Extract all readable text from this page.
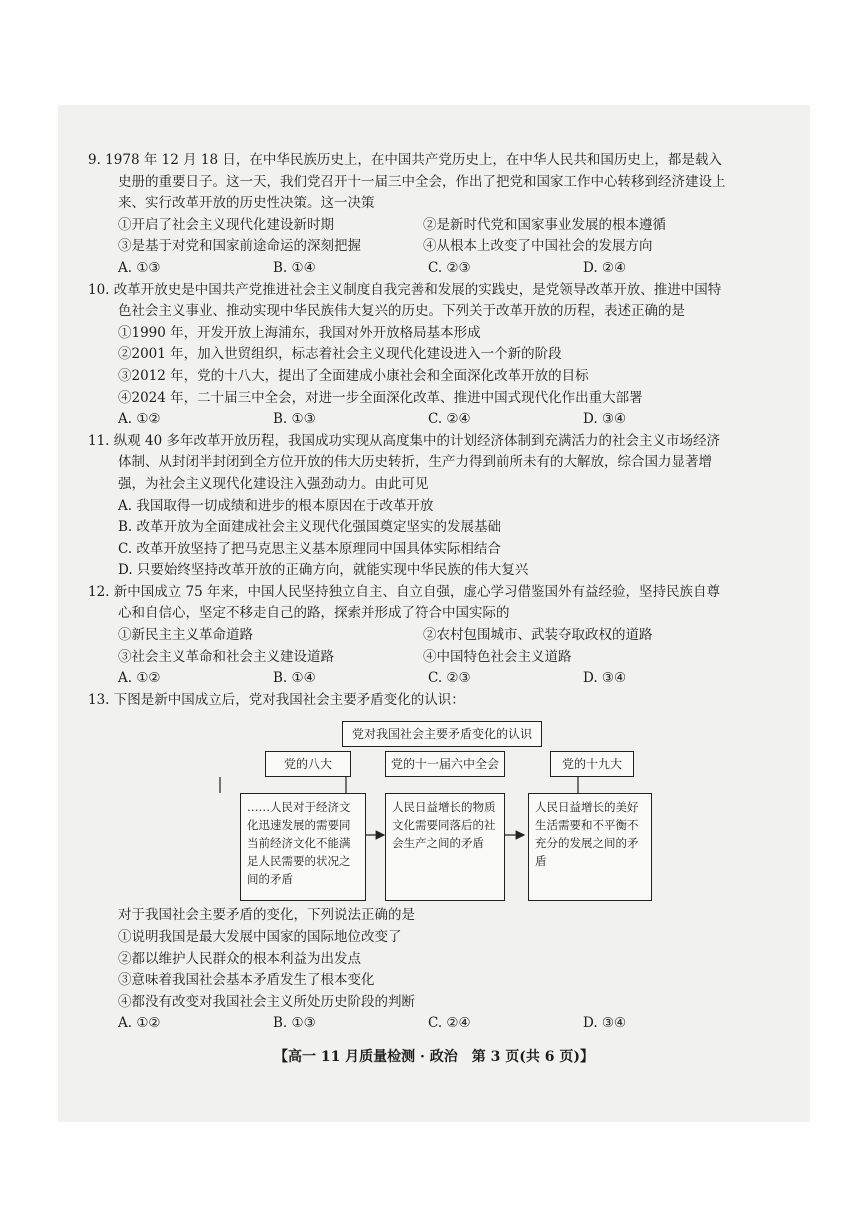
9. 1978 年 12 月 18 日，在中华民族历史上，在中国共产党历史上，在中华人民共和国历史上，都是载入史册的重要日子。这一天，我们党召开十一届三中全会，作出了把党和国家工作中心转移到经济建设上来、实行改革开放的历史性决策。这一决策

①开启了社会主义现代化建设新时期	②是新时代党和国家事业发展的根本遵循
③是基于对党和国家前途命运的深刻把握	④从根本上改变了中国社会的发展方向

A. ①③	B. ①④	C. ②③	D. ②④

10. 改革开放史是中国共产党推进社会主义制度自我完善和发展的实践史，是党领导改革开放、推进中国特色社会主义事业、推动实现中华民族伟大复兴的历史。下列关于改革开放的历程，表述正确的是

①1990 年，开发开放上海浦东，我国对外开放格局基本形成

②2001 年，加入世贸组织，标志着社会主义现代化建设进入一个新的阶段

③2012 年，党的十八大，提出了全面建成小康社会和全面深化改革开放的目标

④2024 年，二十届三中全会，对进一步全面深化改革、推进中国式现代化作出重大部署

A. ①②	B. ①③	C. ②④	D. ③④

11. 纵观 40 多年改革开放历程，我国成功实现从高度集中的计划经济体制到充满活力的社会主义市场经济体制、从封闭半封闭到全方位开放的伟大历史转折，生产力得到前所未有的大解放，综合国力显著增强，为社会主义现代化建设注入强劲动力。由此可见

A. 我国取得一切成绩和进步的根本原因在于改革开放

B. 改革开放为全面建成社会主义现代化强国奠定坚实的发展基础

C. 改革开放坚持了把马克思主义基本原理同中国具体实际相结合

D. 只要始终坚持改革开放的正确方向，就能实现中华民族的伟大复兴

12. 新中国成立 75 年来，中国人民坚持独立自主、自立自强，虚心学习借鉴国外有益经验，坚持民族自尊心和自信心，坚定不移走自己的路，探索并形成了符合中国实际的

①新民主主义革命道路	②农村包围城市、武装夺取政权的道路
③社会主义革命和社会主义建设道路	④中国特色社会主义道路

A. ①②	B. ①④	C. ②③	D. ③④

13. 下图是新中国成立后，党对我国社会主要矛盾变化的认识：

党对我国社会主要矛盾变化的认识
党的八大	党的十一届六中全会	党的十九大
……人民对于经济文化迅速发展的需要同当前经济文化不能满足人民需要的状况之间的矛盾
人民日益增长的物质文化需要同落后的社会生产之间的矛盾
人民日益增长的美好生活需要和不平衡不充分的发展之间的矛盾

对于我国社会主要矛盾的变化，下列说法正确的是

①说明我国是最大发展中国家的国际地位改变了

②都以维护人民群众的根本利益为出发点

③意味着我国社会基本矛盾发生了根本变化

④都没有改变对我国社会主义所处历史阶段的判断

A. ①②	B. ①③	C. ②④	D. ③④

【高一 11 月质量检测 · 政治　第 3 页(共 6 页)】
